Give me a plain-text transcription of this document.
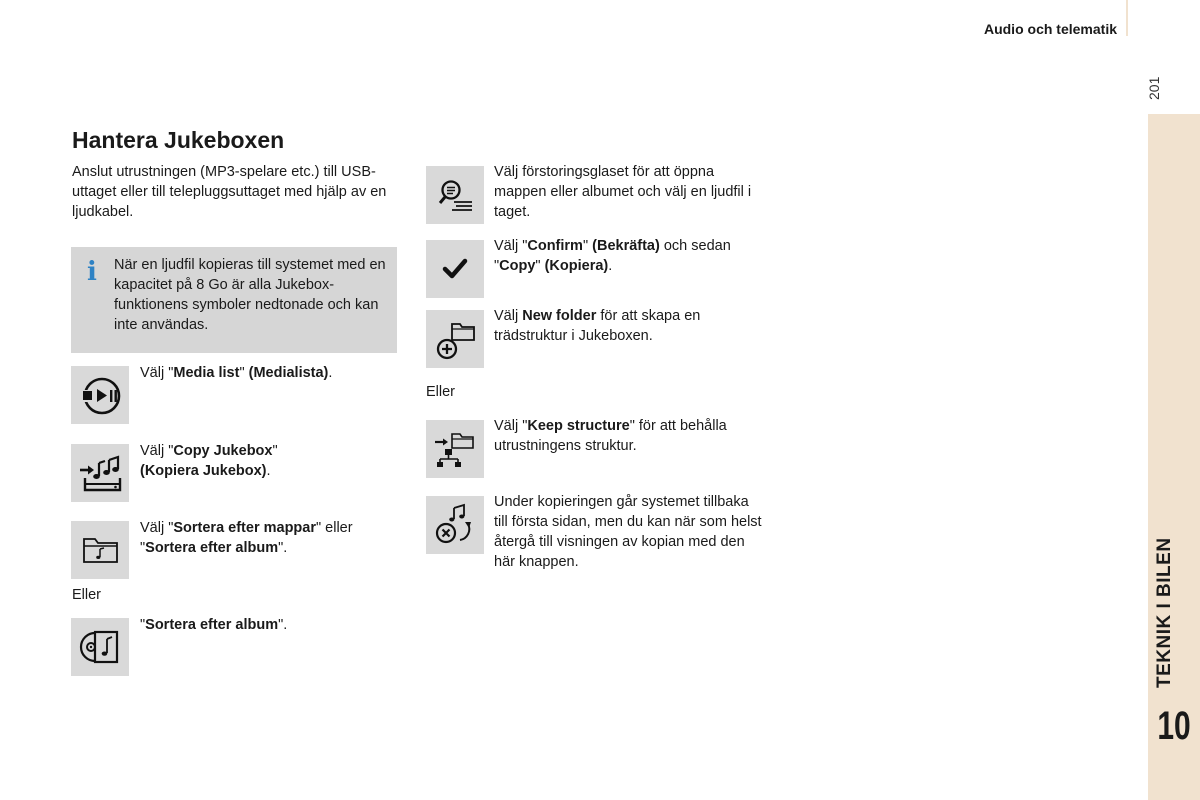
Audio och telematik
201
TEKNIK I BILEN
10
Hantera Jukeboxen
Anslut utrustningen (MP3-spelare etc.) till USB-uttaget eller till telepluggsuttaget med hjälp av en ljudkabel.
i När en ljudfil kopieras till systemet med en kapacitet på 8 Go är alla Jukebox-funktionens symboler nedtonade och kan inte användas.
Välj "Media list" (Medialista).
Välj "Copy Jukebox"
(Kopiera Jukebox).
Välj "Sortera efter mappar" eller "Sortera efter album".
Eller
"Sortera efter album".
Välj förstoringsglaset för att öppna mappen eller albumet och välj en ljudfil i taget.
Välj "Confirm" (Bekräfta) och sedan "Copy" (Kopiera).
Välj New folder för att skapa en trädstruktur i Jukeboxen.
Eller
Välj "Keep structure" för att behålla utrustningens struktur.
Under kopieringen går systemet tillbaka till första sidan, men du kan när som helst återgå till visningen av kopian med den här knappen.
